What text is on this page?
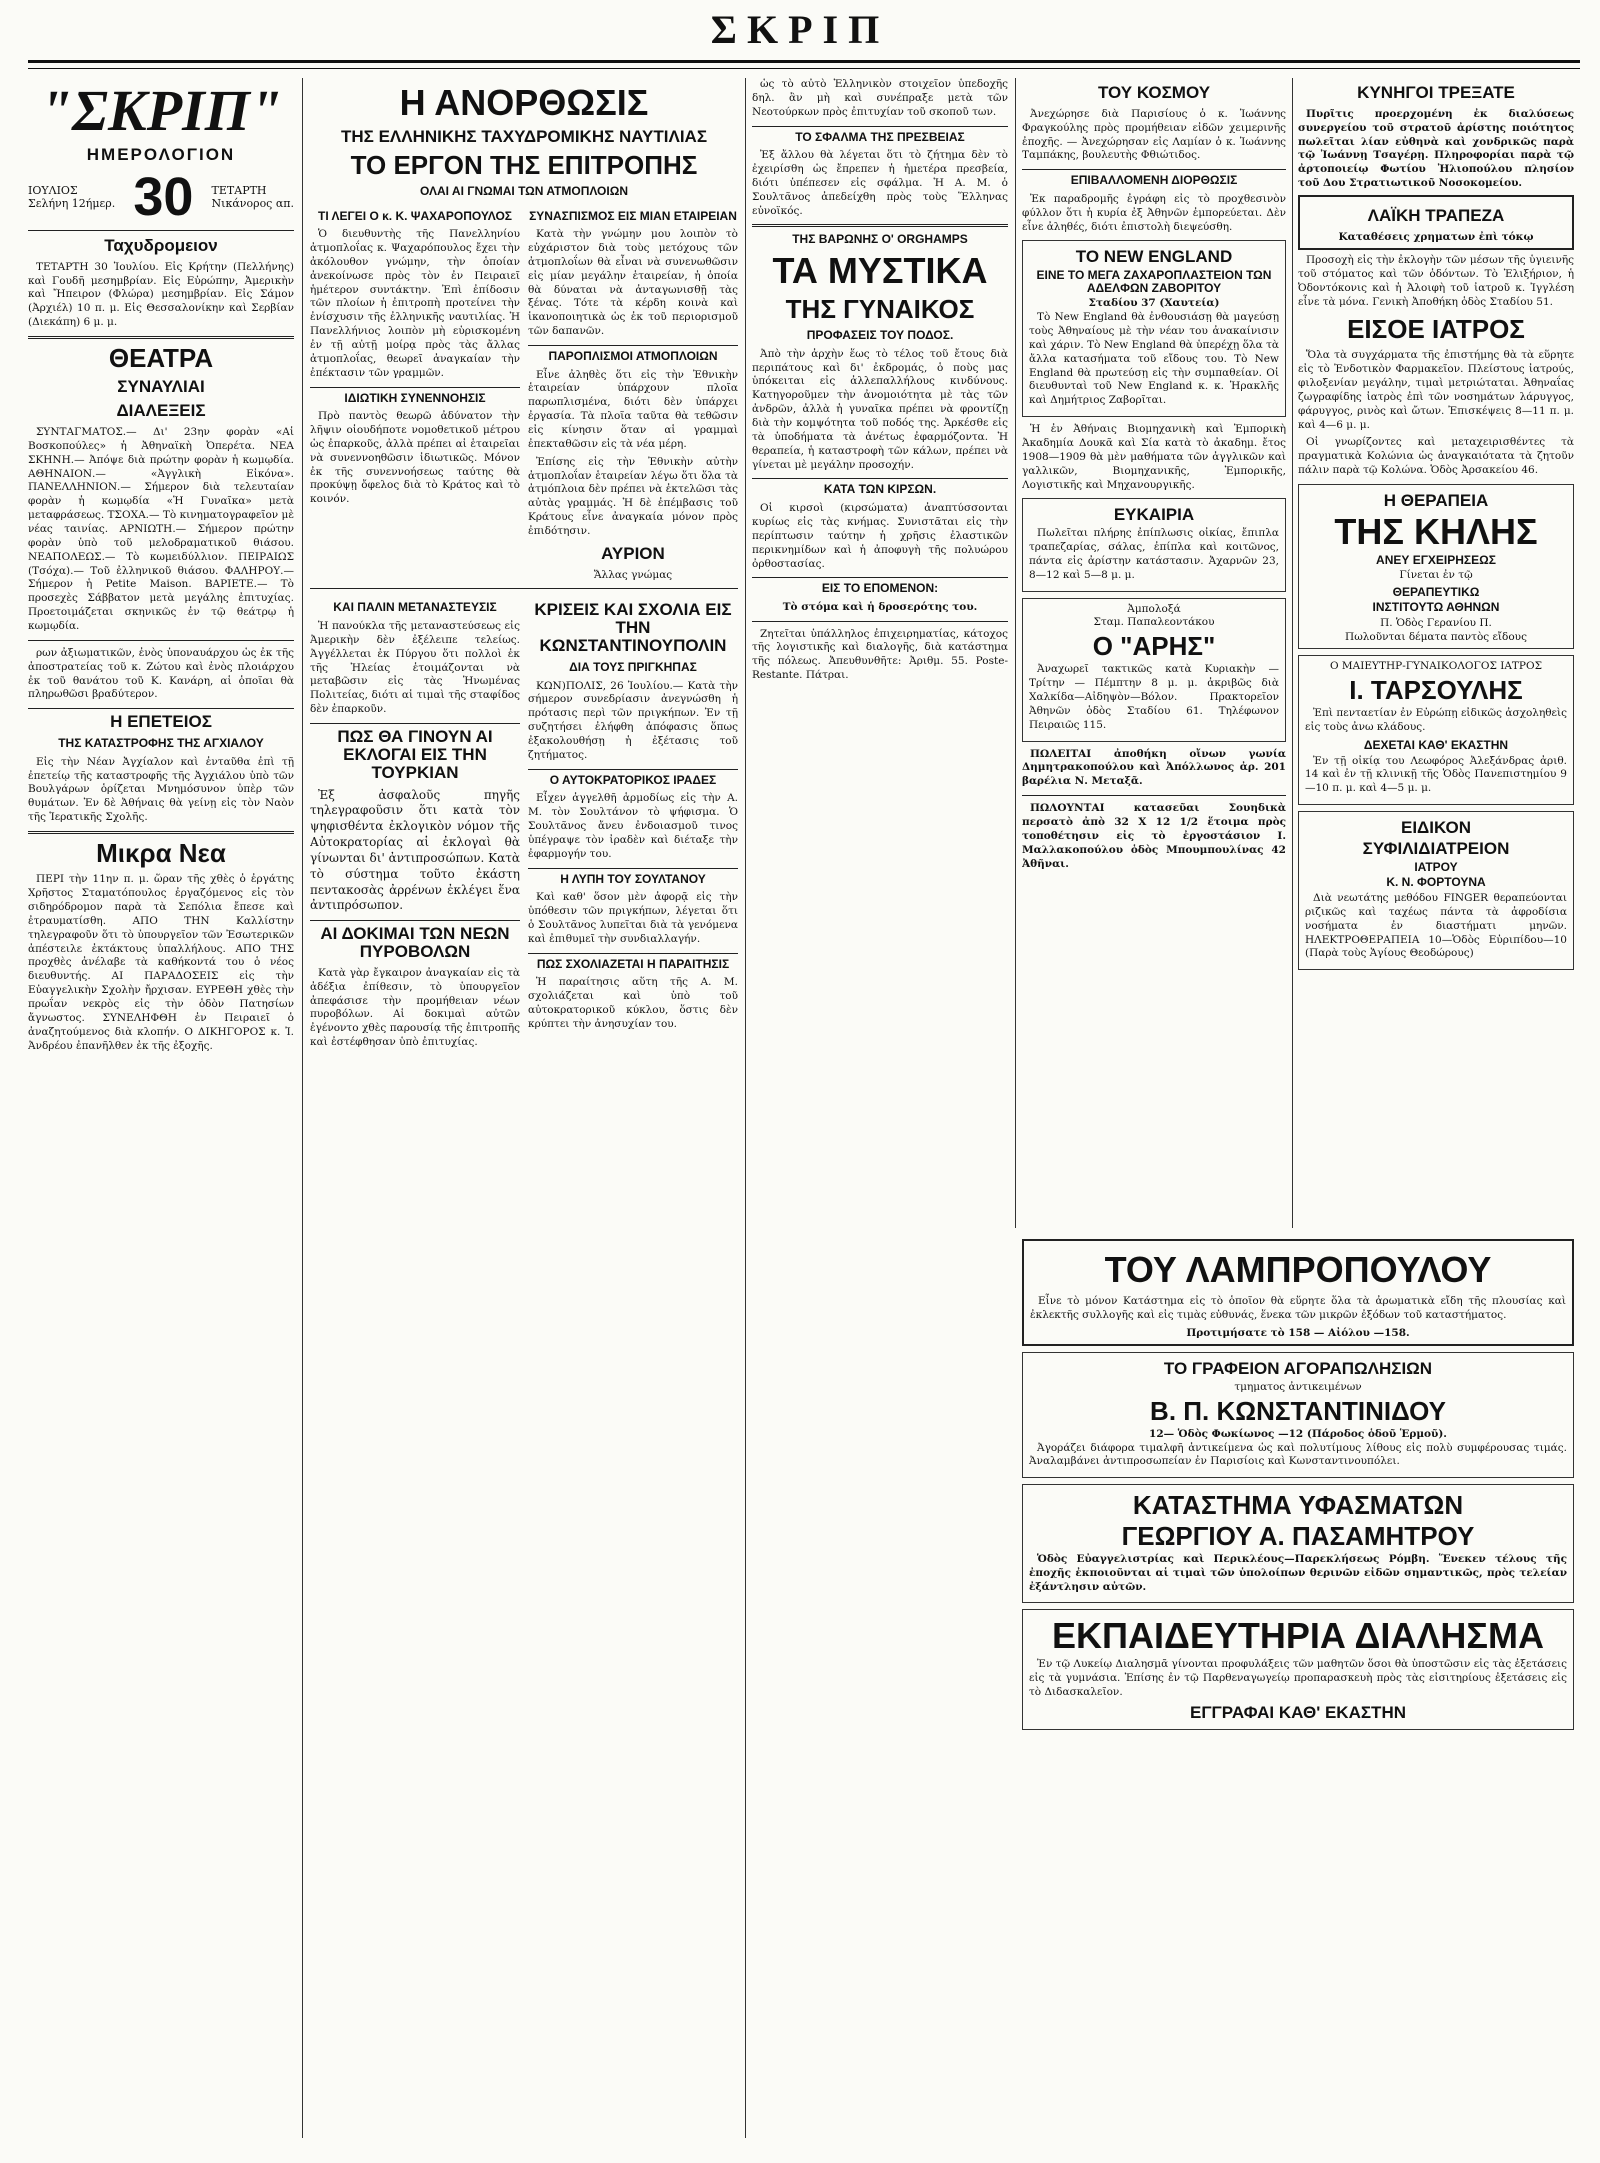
ΣΚΡΙΠ
"ΣΚΡΙΠ"
ΗΜΕΡΟΛΟΓΙΟΝ
ΙΟΥΛΙΟΣ
Σελήνη 12ήμερ. 30 ΤΕΤΑΡΤΗ
Νικάνορος απ.
Ταχυδρομειον

ΤΕΤΑΡΤΗ 30 Ἰουλίου. Εἰς Κρήτην (Πελλήνης) καὶ Γουδῆ μεσημβρίαν. Εἰς Εὐρώπην, Ἀμερικὴν καὶ Ἤπειρον (Φλώρα) μεσημβρίαν. Εἰς Σάμον (Ἀρχιέλ) 10 π. μ. Εἰς Θεσσαλονίκην καὶ Σερβίαν (Διεκάπη) 6 μ. μ.

ΘΕΑΤΡΑ
ΣΥΝΑΥΛΙΑΙ
ΔΙΑΛΕΞΕΙΣ

ΣΥΝΤΑΓΜΑΤΟΣ.— Δι' 23ην φορὰν «Αἱ Βοσκοπούλες» ἡ Ἀθηναϊκὴ Ὀπερέτα. ΝΕΑ ΣΚΗΝΗ.— Ἀπόψε διὰ πρώτην φορὰν ἡ κωμῳδία. ΑΘΗΝΑΙΟΝ.— «Ἀγγλικὴ Εἰκόνα». ΠΑΝΕΛΛΗΝΙΟΝ.— Σήμερον διὰ τελευταίαν φορὰν ἡ κωμῳδία «Ἡ Γυναῖκα» μετὰ μεταφράσεως. ΤΣΟΧΑ.— Τὸ κινηματογραφεῖον μὲ νέας ταινίας. ΑΡΝΙΩΤΗ.— Σήμερον πρώτην φορὰν ὑπὸ τοῦ μελοδραματικοῦ θιάσου. ΝΕΑΠΟΛΕΩΣ.— Τὸ κωμειδύλλιον. ΠΕΙΡΑΙΩΣ (Τσόχα).— Τοῦ ἐλληνικοῦ θιάσου. ΦΑΛΗΡΟΥ.— Σήμερον ἡ Petite Maison. ΒΑΡΙΕΤΕ.— Τὸ προσεχὲς Σάββατον μετὰ μεγάλης ἐπιτυχίας. Προετοιμάζεται σκηνικῶς ἐν τῷ θεάτρῳ ἡ κωμῳδία.

ρων ἀξιωματικῶν, ἐνὸς ὑποναυάρχου ὡς ἐκ τῆς ἀποστρατείας τοῦ κ. Ζώτου καὶ ἐνὸς πλοιάρχου ἐκ τοῦ θανάτου τοῦ Κ. Κανάρη, αἱ ὁποῖαι θὰ πληρωθῶσι βραδύτερον.

Η ΕΠΕΤΕΙΟΣ
ΤΗΣ ΚΑΤΑΣΤΡΟΦΗΣ ΤΗΣ ΑΓΧΙΑΛΟΥ

Εἰς τὴν Νέαν Ἀγχίαλον καὶ ἐνταῦθα ἐπὶ τῇ ἐπετείῳ τῆς καταστροφῆς τῆς Ἀγχιάλου ὑπὸ τῶν Βουλγάρων ὁρίζεται Μνημόσυνον ὑπὲρ τῶν θυμάτων. Ἐν δὲ Ἀθήναις θὰ γείνῃ εἰς τὸν Ναὸν τῆς Ἱερατικῆς Σχολῆς.

Μικρα Νεα

ΠΕΡΙ τὴν 11ην π. μ. ὥραν τῆς χθὲς ὁ ἐργάτης Χρῆστος Σταματόπουλος ἐργαζόμενος εἰς τὸν σιδηρόδρομον παρὰ τὰ Σεπόλια ἔπεσε καὶ ἐτραυματίσθη. ΑΠΟ ΤΗΝ Καλλίστην τηλεγραφοῦν ὅτι τὸ ὑπουργεῖον τῶν Ἐσωτερικῶν ἀπέστειλε ἐκτάκτους ὑπαλλήλους. ΑΠΟ ΤΗΣ προχθὲς ἀνέλαβε τὰ καθήκοντά του ὁ νέος διευθυντής. ΑΙ ΠΑΡΑΔΟΣΕΙΣ εἰς τὴν Εὐαγγελικὴν Σχολὴν ἤρχισαν. ΕΥΡΕΘΗ χθὲς τὴν πρωΐαν νεκρὸς εἰς τὴν ὁδὸν Πατησίων ἄγνωστος. ΣΥΝΕΛΗΦΘΗ ἐν Πειραιεῖ ὁ ἀναζητούμενος διὰ κλοπήν. Ο ΔΙΚΗΓΟΡΟΣ κ. Ἰ. Ἀνδρέου ἐπανῆλθεν ἐκ τῆς ἐξοχῆς.

Η ΑΝΟΡΘΩΣΙΣ
ΤΗΣ ΕΛΛΗΝΙΚΗΣ ΤΑΧΥΔΡΟΜΙΚΗΣ ΝΑΥΤΙΛΙΑΣ
ΤΟ ΕΡΓΟΝ ΤΗΣ ΕΠΙΤΡΟΠΗΣ
ΟΛΑΙ ΑΙ ΓΝΩΜΑΙ ΤΩΝ ΑΤΜΟΠΛΟΙΩΝ
ΤΙ ΛΕΓΕΙ Ο κ. Κ. ΨΑΧΑΡΟΠΟΥΛΟΣ

Ὁ διευθυντὴς τῆς Πανελληνίου ἀτμοπλοΐας κ. Ψαχαρόπουλος ἔχει τὴν ἀκόλουθον γνώμην, τὴν ὁποίαν ἀνεκοίνωσε πρὸς τὸν ἐν Πειραιεῖ ἡμέτερον συντάκτην. Ἐπὶ ἐπίδοσιν τῶν πλοίων ἡ ἐπιτροπὴ προτείνει τὴν ἐνίσχυσιν τῆς ἐλληνικῆς ναυτιλίας. Ἡ Πανελλήνιος λοιπὸν μὴ εὑρισκομένη ἐν τῇ αὐτῇ μοίρᾳ πρὸς τὰς ἄλλας ἀτμοπλοΐας, θεωρεῖ ἀναγκαίαν τὴν ἐπέκτασιν τῶν γραμμῶν.

ΙΔΙΩΤΙΚΗ ΣΥΝΕΝΝΟΗΣΙΣ

Πρὸ παντὸς θεωρῶ ἀδύνατον τὴν λῆψιν οἱουδήποτε νομοθετικοῦ μέτρου ὡς ἐπαρκοῦς, ἀλλὰ πρέπει αἱ ἑταιρεῖαι νὰ συνεννοηθῶσιν ἰδιωτικῶς. Μόνον ἐκ τῆς συνεννοήσεως ταύτης θὰ προκύψῃ ὄφελος διὰ τὸ Κράτος καὶ τὸ κοινόν.

ΣΥΝΑΣΠΙΣΜΟΣ ΕΙΣ ΜΙΑΝ ΕΤΑΙΡΕΙΑΝ

Κατὰ τὴν γνώμην μου λοιπὸν τὸ εὐχάριστον διὰ τοὺς μετόχους τῶν ἀτμοπλοΐων θὰ εἶναι νὰ συνενωθῶσιν εἰς μίαν μεγάλην ἑταιρείαν, ἡ ὁποία θὰ δύναται νὰ ἀνταγωνισθῇ τὰς ξένας. Τότε τὰ κέρδη κοινὰ καὶ ἱκανοποιητικὰ ὡς ἐκ τοῦ περιορισμοῦ τῶν δαπανῶν.

ΠΑΡΟΠΛΙΣΜΟΙ ΑΤΜΟΠΛΟΙΩΝ

Εἶνε ἀληθὲς ὅτι εἰς τὴν Ἐθνικὴν ἑταιρείαν ὑπάρχουν πλοῖα παρωπλισμένα, διότι δὲν ὑπάρχει ἐργασία. Τὰ πλοῖα ταῦτα θὰ τεθῶσιν εἰς κίνησιν ὅταν αἱ γραμμαὶ ἐπεκταθῶσιν εἰς τὰ νέα μέρη.

Ἐπίσης εἰς τὴν Ἐθνικὴν αὐτὴν ἀτμοπλοΐαν ἑταιρείαν λέγω ὅτι ὅλα τὰ ἀτμόπλοια δὲν πρέπει νὰ ἐκτελῶσι τὰς αὐτὰς γραμμάς. Ἡ δὲ ἐπέμβασις τοῦ Κράτους εἶνε ἀναγκαία μόνον πρὸς ἐπιδότησιν.

ΑΥΡΙΟΝ
Ἄλλας γνώμας
ΚΑΙ ΠΑΛΙΝ ΜΕΤΑΝΑΣΤΕΥΣΙΣ

Ἡ πανούκλα τῆς μεταναστεύσεως εἰς Ἀμερικὴν δὲν ἐξέλειπε τελείως. Ἀγγέλλεται ἐκ Πύργου ὅτι πολλοὶ ἐκ τῆς Ἠλείας ἑτοιμάζονται νὰ μεταβῶσιν εἰς τὰς Ἡνωμένας Πολιτείας, διότι αἱ τιμαὶ τῆς σταφίδος δὲν ἐπαρκοῦν.

ΠΩΣ ΘΑ ΓΙΝΟΥΝ ΑΙ ΕΚΛΟΓΑΙ ΕΙΣ ΤΗΝ ΤΟΥΡΚΙΑΝ

Ἐξ ἀσφαλοῦς πηγῆς τηλεγραφοῦσιν ὅτι κατὰ τὸν ψηφισθέντα ἐκλογικὸν νόμον τῆς Αὐτοκρατορίας αἱ ἐκλογαὶ θὰ γίνωνται δι' ἀντιπροσώπων. Κατὰ τὸ σύστημα τοῦτο ἐκάστη πεντακοσὰς ἀρρένων ἐκλέγει ἕνα ἀντιπρόσωπον.

ΑΙ ΔΟΚΙΜΑΙ ΤΩΝ ΝΕΩΝ ΠΥΡΟΒΟΛΩΝ

Κατὰ γὰρ ἔγκαιρον ἀναγκαίαν εἰς τὰ ἀδέξια ἐπίθεσιν, τὸ ὑπουργεῖον ἀπεφάσισε τὴν προμήθειαν νέων πυροβόλων. Αἱ δοκιμαὶ αὐτῶν ἐγένοντο χθὲς παρουσίᾳ τῆς ἐπιτροπῆς καὶ ἐστέφθησαν ὑπὸ ἐπιτυχίας.

ΚΡΙΣΕΙΣ ΚΑΙ ΣΧΟΛΙΑ ΕΙΣ ΤΗΝ ΚΩΝΣΤΑΝΤΙΝΟΥΠΟΛΙΝ
ΔΙΑ ΤΟΥΣ ΠΡΙΓΚΗΠΑΣ

ΚΩΝ)ΠΟΛΙΣ, 26 Ἰουλίου.— Κατὰ τὴν σήμερον συνεδρίασιν ἀνεγνώσθη ἡ πρότασις περὶ τῶν πριγκήπων. Ἐν τῇ συζητήσει ἐλήφθη ἀπόφασις ὅπως ἐξακολουθήσῃ ἡ ἐξέτασις τοῦ ζητήματος.

Ο ΑΥΤΟΚΡΑΤΟΡΙΚΟΣ ΙΡΑΔΕΣ

Εἶχεν ἀγγελθῆ ἁρμοδίως εἰς τὴν Α. Μ. τὸν Σουλτάνον τὸ ψήφισμα. Ὁ Σουλτᾶνος ἄνευ ἐνδοιασμοῦ τινος ὑπέγραψε τὸν ἰραδὲν καὶ διέταξε τὴν ἐφαρμογήν του.

Η ΛΥΠΗ ΤΟΥ ΣΟΥΛΤΑΝΟΥ

Καὶ καθ' ὅσον μὲν ἀφορᾷ εἰς τὴν ὑπόθεσιν τῶν πριγκήπων, λέγεται ὅτι ὁ Σουλτᾶνος λυπεῖται διὰ τὰ γενόμενα καὶ ἐπιθυμεῖ τὴν συνδιαλλαγήν.

ΠΩΣ ΣΧΟΛΙΑΖΕΤΑΙ Η ΠΑΡΑΙΤΗΣΙΣ

Ἡ παραίτησις αὕτη τῆς Α. Μ. σχολιάζεται καὶ ὑπὸ τοῦ αὐτοκρατορικοῦ κύκλου, ὅστις δὲν κρύπτει τὴν ἀνησυχίαν του.

ὡς τὸ αὐτὸ Ἑλληνικὸν στοιχεῖον ὑπεδοχῆς δηλ. ἂν μὴ καὶ συνέπραξε μετὰ τῶν Νεοτούρκων πρὸς ἐπιτυχίαν τοῦ σκοποῦ των.

ΤΟ ΣΦΑΛΜΑ ΤΗΣ ΠΡΕΣΒΕΙΑΣ

Ἐξ ἄλλου θὰ λέγεται ὅτι τὸ ζήτημα δὲν τὸ ἐχειρίσθη ὡς ἔπρεπεν ἡ ἡμετέρα πρεσβεία, διότι ὑπέπεσεν εἰς σφάλμα. Ἡ Α. Μ. ὁ Σουλτᾶνος ἀπεδείχθη πρὸς τοὺς Ἕλληνας εὐνοϊκός.

ΤΗΣ ΒΑΡΩΝΗΣ Ο' ΟRGHAMPS
ΤΑ ΜΥΣΤΙΚΑ
ΤΗΣ ΓΥΝΑΙΚΟΣ
ΠΡΟΦΑΣΕΙΣ ΤΟΥ ΠΟΔΟΣ.

Ἀπὸ τὴν ἀρχὴν ἕως τὸ τέλος τοῦ ἔτους διὰ περιπάτους καὶ δι' ἐκδρομάς, ὁ ποὺς μας ὑπόκειται εἰς ἀλλεπαλλήλους κινδύνους. Κατηγοροῦμεν τὴν ἀνομοιότητα μὲ τὰς τῶν ἀνδρῶν, ἀλλὰ ἡ γυναῖκα πρέπει νὰ φροντίζῃ διὰ τὴν κομψότητα τοῦ ποδός της. Ἀρκέσθε εἰς τὰ ὑποδήματα τὰ ἀνέτως ἐφαρμόζοντα. Ἡ θεραπεία, ἡ καταστροφὴ τῶν κάλων, πρέπει νὰ γίνεται μὲ μεγάλην προσοχήν.

ΚΑΤΑ ΤΩΝ ΚΙΡΣΩΝ.

Οἱ κιρσοὶ (κιρσώματα) ἀναπτύσσονται κυρίως εἰς τὰς κνήμας. Συνιστᾶται εἰς τὴν περίπτωσιν ταύτην ἡ χρῆσις ἐλαστικῶν περικνημίδων καὶ ἡ ἀποφυγὴ τῆς πολυώρου ὀρθοστασίας.

ΕΙΣ ΤΟ ΕΠΟΜΕΝΟΝ:
Τὸ στόμα καὶ ἡ δροσερότης του.

Ζητεῖται ὑπάλληλος ἐπιχειρηματίας, κάτοχος τῆς λογιστικῆς καὶ διαλογῆς, διὰ κατάστημα τῆς πόλεως. Ἀπευθυνθῆτε: Ἀριθμ. 55. Poste-Restante. Πάτραι.

ΤΟΥ ΚΟΣΜΟΥ

Ἀνεχώρησε διὰ Παρισίους ὁ κ. Ἰωάννης Φραγκούλης πρὸς προμήθειαν εἰδῶν χειμερινῆς ἐποχῆς. — Ἀνεχώρησαν εἰς Λαμίαν ὁ κ. Ἰωάννης Ταμπάκης, βουλευτὴς Φθιώτιδος.

ΕΠΙΒΑΛΛΟΜΕΝΗ ΔΙΟΡΘΩΣΙΣ

Ἐκ παραδρομῆς ἐγράφη εἰς τὸ προχθεσινὸν φύλλον ὅτι ἡ κυρία ἐξ Ἀθηνῶν ἐμπορεύεται. Δὲν εἶνε ἀληθές, διότι ἐπιστολὴ διεψεύσθη.

ΤΟ NEW ENGLAND
ΕΙΝΕ ΤΟ ΜΕΓΑ ΖΑΧΑΡΟΠΛΑΣΤΕΙΟΝ ΤΩΝ ΑΔΕΛΦΩΝ ΖΑΒΟΡΙΤΟΥ
Σταδίου 37 (Χαυτεία)

Τὸ New England θὰ ἐνθουσιάσῃ θὰ μαγεύσῃ τοὺς Ἀθηναίους μὲ τὴν νέαν του ἀνακαίνισιν καὶ χάριν. Τὸ New England θὰ ὑπερέχῃ ὅλα τὰ ἄλλα κατασήματα τοῦ εἴδους του. Τὸ New England θὰ πρωτεύσῃ εἰς τὴν συμπαθείαν. Οἱ διευθυνταὶ τοῦ New England κ. κ. Ἡρακλῆς καὶ Δημήτριος Ζαβορῖται.

Ἡ ἐν Ἀθήναις Βιομηχανικὴ καὶ Ἐμπορικὴ Ἀκαδημία Δουκᾶ καὶ Σία κατὰ τὸ ἀκαδημ. ἔτος 1908—1909 θὰ μὲν μαθήματα τῶν ἀγγλικῶν καὶ γαλλικῶν, Βιομηχανικῆς, Ἐμπορικῆς, Λογιστικῆς καὶ Μηχανουργικῆς.

ΕΥΚΑΙΡΙΑ

Πωλεῖται πλήρης ἐπίπλωσις οἰκίας, ἔπιπλα τραπεζαρίας, σάλας, ἐπίπλα καὶ κοιτῶνος, πάντα εἰς ἀρίστην κατάστασιν. Ἀχαρνῶν 23, 8—12 καὶ 5—8 μ. μ.

Ἀμπολοξά
Σταμ. Παπαλεοντάκου
Ο "ΑΡΗΣ"

Ἀναχωρεῖ τακτικῶς κατὰ Κυριακὴν — Τρίτην — Πέμπτην 8 μ. μ. ἀκριβῶς διὰ Χαλκίδα—Αἰδηψὸν—Βόλον. Πρακτορεῖον Ἀθηνῶν ὁδὸς Σταδίου 61. Τηλέφωνον Πειραιῶς 115.

ΠΩΛΕΙΤΑΙ ἀποθήκη οἴνων γωνία Δημητρακοπούλου καὶ Ἀπόλλωνος ἀρ. 201 βαρέλια Ν. Μεταξᾶ.

ΠΩΛΟΥΝΤΑΙ κατασεῦαι Σουηδικὰ περσατὸ ἀπὸ 32 Χ 12 1/2 ἕτοιμα πρὸς τοποθέτησιν εἰς τὸ ἐργοστάσιον Ι. Μαλλακοπούλου ὁδὸς Μπουμπουλίνας 42 Ἀθῆναι.

ΚΥΝΗΓΟΙ ΤΡΕΞΑΤΕ

Πυρῖτις προερχομένη ἐκ διαλύσεως συνεργείου τοῦ στρατοῦ ἀρίστης ποιότητος πωλεῖται λίαν εὐθηνὰ καὶ χονδρικῶς παρὰ τῷ Ἰωάννῃ Τσαγέρῃ. Πληροφορίαι παρὰ τῷ ἀρτοποιείῳ Φωτίου Ἠλιοπούλου πλησίον τοῦ Δου Στρατιωτικοῦ Νοσοκομείου.

ΛΑΪΚΗ ΤΡΑΠΕΖΑ
Καταθέσεις χρηματων ἐπὶ τόκῳ

Προσοχὴ εἰς τὴν ἐκλογὴν τῶν μέσων τῆς ὑγιεινῆς τοῦ στόματος καὶ τῶν ὀδόντων. Τὸ Ἐλιξήριον, ἡ Ὀδοντόκονις καὶ ἡ Ἀλοιφὴ τοῦ ἰατροῦ κ. Ἰγγλέση εἶνε τὰ μόνα. Γενικὴ Ἀποθήκη ὁδὸς Σταδίου 51.

ΕΙΣΟΕ ΙΑΤΡΟΣ

Ὅλα τὰ συγχάρματα τῆς ἐπιστήμης θὰ τὰ εὕρητε εἰς τὸ Ἐνδοτικὸν Φαρμακεῖον. Πλείστους ἰατρούς, φιλοξενίαν μεγάλην, τιμαὶ μετριώταται. Ἀθηναΐας ζωγραφίδης ἰατρὸς ἐπὶ τῶν νοσημάτων λάρυγγος, φάρυγγος, ρινὸς καὶ ὤτων. Ἐπισκέψεις 8—11 π. μ. καὶ 4—6 μ. μ.

Οἱ γνωρίζοντες καὶ μεταχειρισθέντες τὰ πραγματικὰ Κολώνια ὡς ἀναγκαιότατα τὰ ζητοῦν πάλιν παρὰ τῷ Κολώνα. Ὁδὸς Ἀρσακείου 46.

Η ΘΕΡΑΠΕΙΑ
ΤΗΣ ΚΗΛΗΣ
ΑΝΕΥ ΕΓΧΕΙΡΗΣΕΩΣ
Γίνεται ἐν τῷ
ΘΕΡΑΠΕΥΤΙΚΩ
ΙΝΣΤΙΤΟΥΤΩ ΑΘΗΝΩΝ
Π. Ὁδὸς Γερανίου Π.
Πωλοῦνται δέματα παντὸς εἴδους
Ο ΜΑΙΕΥΤΗΡ-ΓΥΝΑΙΚΟΛΟΓΟΣ ΙΑΤΡΟΣ
Ι. ΤΑΡΣΟΥΛΗΣ

Ἐπὶ πενταετίαν ἐν Εὐρώπῃ εἰδικῶς ἀσχοληθεὶς εἰς τοὺς ἀνω κλάδους.

ΔΕΧΕΤΑΙ ΚΑΘ' ΕΚΑΣΤΗΝ

Ἐν τῇ οἰκίᾳ του Λεωφόρος Ἀλεξάνδρας ἀριθ. 14 καὶ ἐν τῇ κλινικῇ τῆς Ὁδὸς Πανεπιστημίου 9—10 π. μ. καὶ 4—5 μ. μ.

ΕΙΔΙΚΟΝ
ΣΥΦΙΛΙΔΙΑΤΡΕΙΟΝ
ΙΑΤΡΟΥ
Κ. Ν. ΦΟΡΤΟΥΝΑ

Διὰ νεωτάτης μεθόδου FINGER θεραπεύονται ριζικῶς καὶ ταχέως πάντα τὰ ἀφροδίσια νοσήματα ἐν διαστήματι μηνῶν. ΗΛΕΚΤΡΟΘΕΡΑΠΕΙΑ 10—Ὁδὸς Εὐριπίδου—10 (Παρὰ τοὺς Ἁγίους Θεοδώρους)

ΤΟΥ ΛΑΜΠΡΟΠΟΥΛΟΥ

Εἶνε τὸ μόνον Κατάστημα εἰς τὸ ὁποῖον θὰ εὕρητε ὅλα τὰ ἀρωματικὰ εἴδη τῆς πλουσίας καὶ ἐκλεκτῆς συλλογῆς καὶ εἰς τιμὰς εὐθυνάς, ἕνεκα τῶν μικρῶν ἐξόδων τοῦ καταστήματος.

Προτιμήσατε τὸ 158 — Αἰόλου —158.
ΤΟ ΓΡΑΦΕΙΟΝ ΑΓΟΡΑΠΩΛΗΣΙΩΝ
τμηματος ἀντικειμένων
Β. Π. ΚΩΝΣΤΑΝΤΙΝΙΔΟΥ
12— Ὁδὸς Φωκίωνος —12 (Πάροδος ὁδοῦ Ἑρμοῦ).

Ἀγοράζει διάφορα τιμαλφῆ ἀντικείμενα ὡς καὶ πολυτίμους λίθους εἰς πολὺ συμφέρουσας τιμάς. Ἀναλαμβάνει ἀντιπροσωπείαν ἐν Παρισίοις καὶ Κωνσταντινουπόλει.

ΚΑΤΑΣΤΗΜΑ ΥΦΑΣΜΑΤΩΝ
ΓΕΩΡΓΙΟΥ Α. ΠΑΣΑΜΗΤΡΟΥ

Ὁδὸς Εὐαγγελιστρίας καὶ Περικλέους—Παρεκλήσεως Ρόμβη. Ἕνεκεν τέλους τῆς ἐποχῆς ἐκποιοῦνται αἱ τιμαὶ τῶν ὑπολοίπων θερινῶν εἰδῶν σημαντικῶς, πρὸς τελείαν ἐξάντλησιν αὐτῶν.

ΕΚΠΑΙΔΕΥΤΗΡΙΑ ΔΙΑΛΗΣΜΑ

Ἐν τῷ Λυκείῳ Διαλησμᾶ γίνονται προφυλάξεις τῶν μαθητῶν ὅσοι θὰ ὑποστῶσιν εἰς τὰς ἐξετάσεις εἰς τὰ γυμνάσια. Ἐπίσης ἐν τῷ Παρθεναγωγείῳ προπαρασκευὴ πρὸς τὰς εἰσιτηρίους ἐξετάσεις εἰς τὸ Διδασκαλεῖον.

ΕΓΓΡΑΦΑΙ ΚΑΘ' ΕΚΑΣΤΗΝ
